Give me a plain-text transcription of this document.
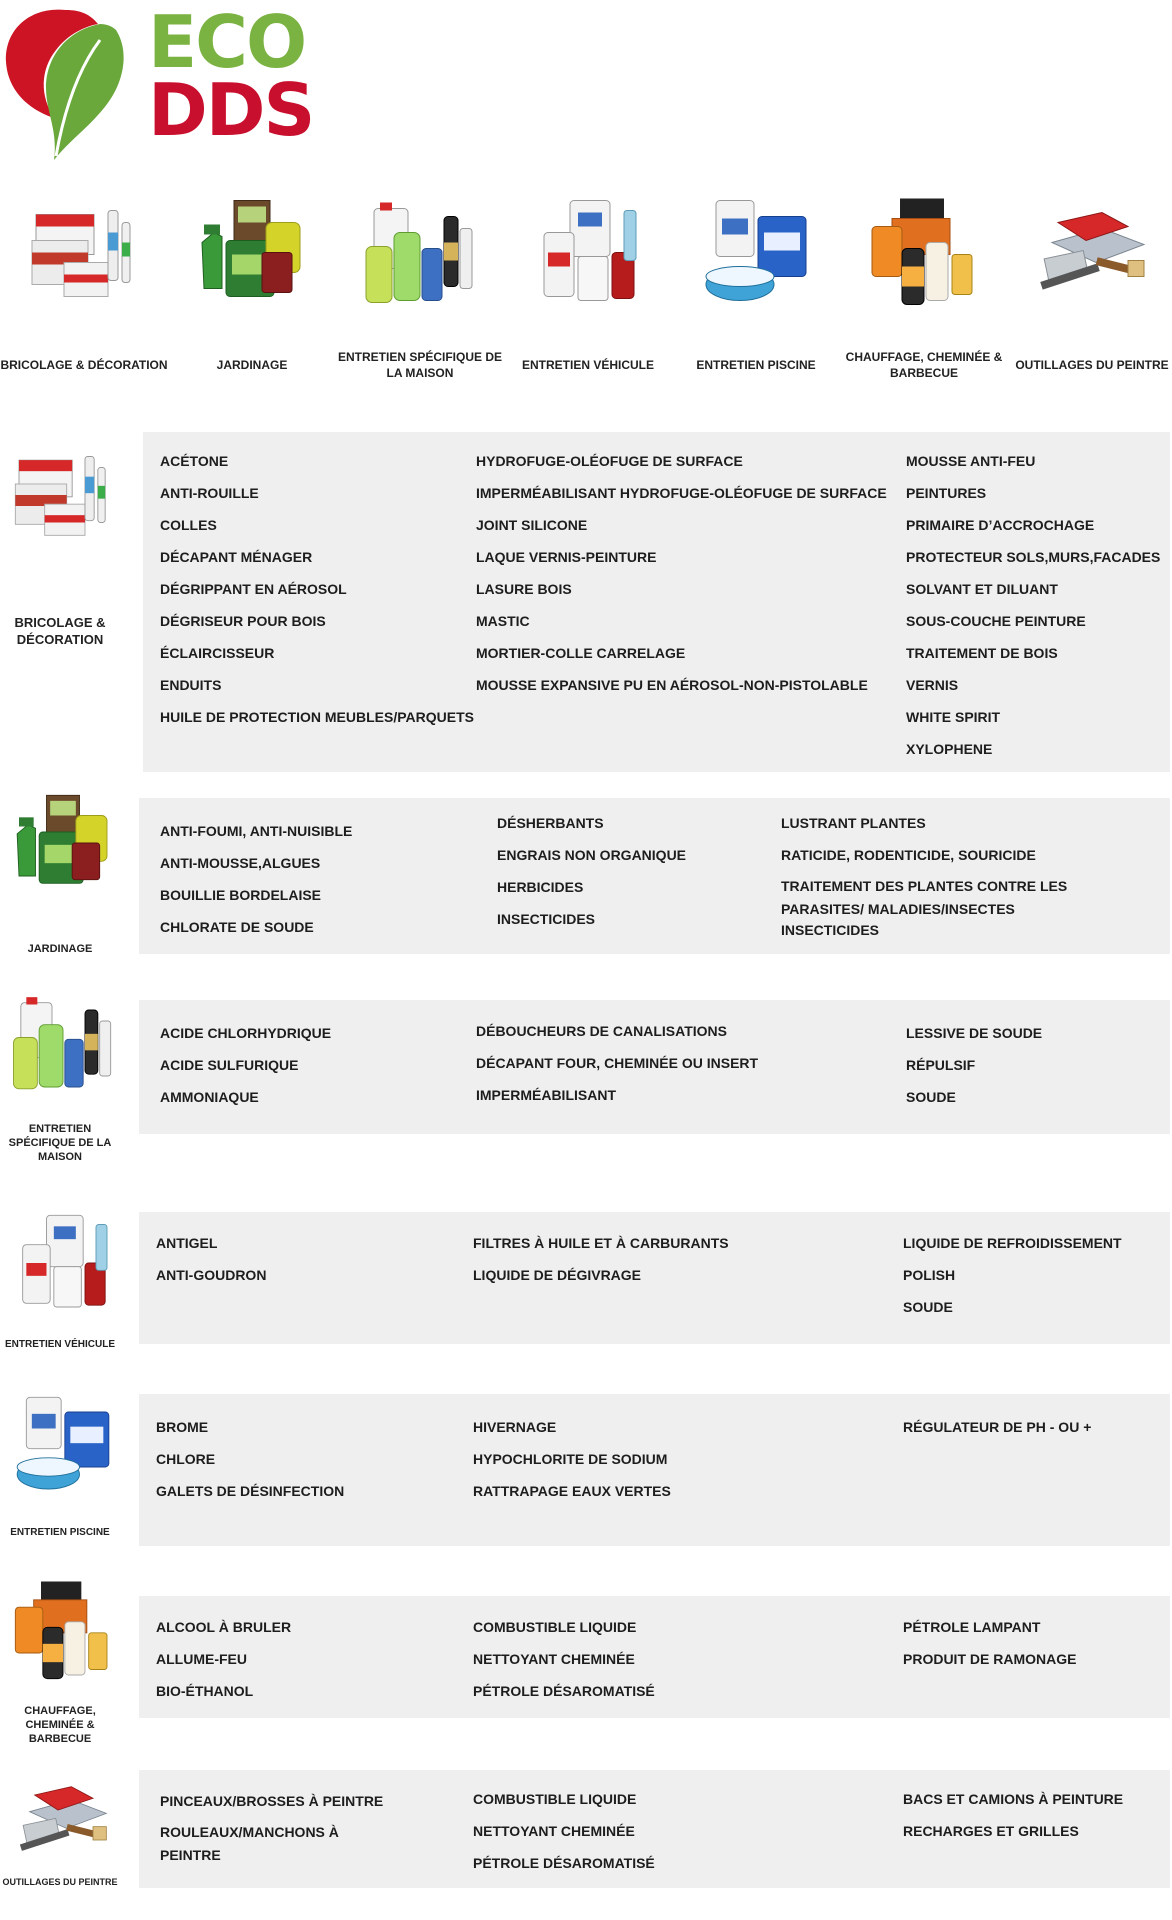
ECO
DDS
BRICOLAGE & DÉCORATION	JARDINAGE
ENTRETIEN SPÉCIFIQUE DE LA MAISON
ENTRETIEN VÉHICULE	ENTRETIEN PISCINE
CHAUFFAGE, CHEMINÉE & BARBECUE
OUTILLAGES DU PEINTRE
BRICOLAGE & DÉCORATION
ACÉTONE
ANTI-ROUILLE
COLLES
DÉCAPANT MÉNAGER
DÉGRIPPANT EN AÉROSOL
DÉGRISEUR POUR BOIS
ÉCLAIRCISSEUR
ENDUITS
HUILE DE PROTECTION MEUBLES/PARQUETS
HYDROFUGE-OLÉOFUGE DE SURFACE
IMPERMÉABILISANT HYDROFUGE-OLÉOFUGE DE SURFACE
JOINT SILICONE
LAQUE VERNIS-PEINTURE
LASURE BOIS
MASTIC
MORTIER-COLLE CARRELAGE
MOUSSE EXPANSIVE PU EN AÉROSOL-NON-PISTOLABLE
MOUSSE ANTI-FEU
PEINTURES
PRIMAIRE D’ACCROCHAGE
PROTECTEUR SOLS,MURS,FACADES
SOLVANT ET DILUANT
SOUS-COUCHE PEINTURE
TRAITEMENT DE BOIS
VERNIS
WHITE SPIRIT
XYLOPHENE
JARDINAGE
ANTI-FOUMI, ANTI-NUISIBLE
ANTI-MOUSSE,ALGUES
BOUILLIE BORDELAISE
CHLORATE DE SOUDE
DÉSHERBANTS
ENGRAIS NON ORGANIQUE
HERBICIDES
INSECTICIDES
LUSTRANT PLANTES
RATICIDE, RODENTICIDE, SOURICIDE
TRAITEMENT DES PLANTES CONTRE LES PARASITES/ MALADIES/INSECTES
INSECTICIDES
ENTRETIEN SPÉCIFIQUE DE LA MAISON
ACIDE CHLORHYDRIQUE
ACIDE SULFURIQUE
AMMONIAQUE
DÉBOUCHEURS DE CANALISATIONS
DÉCAPANT FOUR, CHEMINÉE OU INSERT
IMPERMÉABILISANT
LESSIVE DE SOUDE
RÉPULSIF
SOUDE
ENTRETIEN VÉHICULE
ANTIGEL
ANTI-GOUDRON
FILTRES À HUILE ET À CARBURANTS
LIQUIDE DE DÉGIVRAGE
LIQUIDE DE REFROIDISSEMENT
POLISH
SOUDE
ENTRETIEN PISCINE
BROME
CHLORE
GALETS DE DÉSINFECTION
HIVERNAGE
HYPOCHLORITE DE SODIUM
RATTRAPAGE EAUX VERTES
RÉGULATEUR DE PH - OU +
CHAUFFAGE, CHEMINÉE & BARBECUE
ALCOOL À BRULER
ALLUME-FEU
BIO-ÉTHANOL
COMBUSTIBLE LIQUIDE
NETTOYANT CHEMINÉE
PÉTROLE DÉSAROMATISÉ
PÉTROLE LAMPANT
PRODUIT DE RAMONAGE
OUTILLAGES DU PEINTRE
PINCEAUX/BROSSES À PEINTRE
ROULEAUX/MANCHONS À PEINTRE
COMBUSTIBLE LIQUIDE
NETTOYANT CHEMINÉE
PÉTROLE DÉSAROMATISÉ
BACS ET CAMIONS À PEINTURE
RECHARGES ET GRILLES
